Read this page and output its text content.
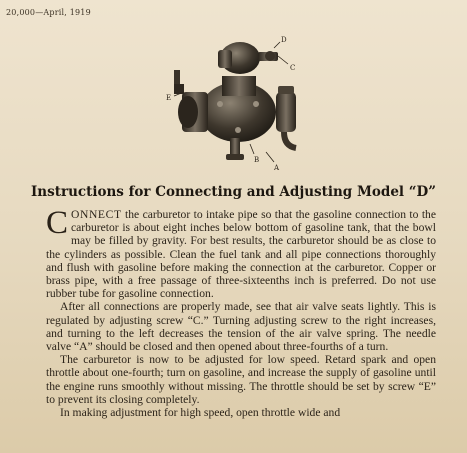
20,000—April, 1919
D
C
E
B
A
Instructions for Connecting and Adjusting Model “D”

CONNECT the carburetor to intake pipe so that the gasoline connection to the carburetor is about eight inches below bottom of gasoline tank, that the bowl may be filled by gravity. For best results, the carburetor should be as close to the cylinders as possible. Clean the fuel tank and all pipe connections thoroughly and flush with gasoline before making the connection at the carburetor. Copper or brass pipe, with a free passage of three-sixteenths inch is preferred. Do not use rubber tube for gasoline connection.

After all connections are properly made, see that air valve seats lightly. This is regulated by adjusting screw “C.” Turning adjusting screw to the right increases, and turning to the left decreases the tension of the air valve spring. The needle valve “A” should be closed and then opened about three-fourths of a turn.

The carburetor is now to be adjusted for low speed. Retard spark and open throttle about one-fourth; turn on gasoline, and increase the supply of gasoline until the engine runs smoothly without missing. The throttle should be set by screw “E” to prevent its closing completely.

In making adjustment for high speed, open throttle wide and
